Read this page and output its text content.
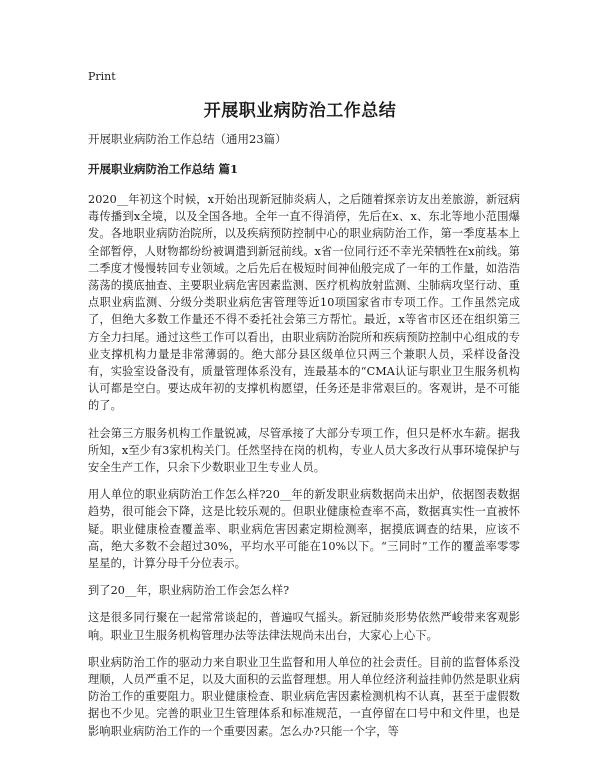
Print
开展职业病防治工作总结

开展职业病防治工作总结（通用23篇）

开展职业病防治工作总结 篇1

2020__年初这个时候，x开始出现新冠肺炎病人，之后随着探亲访友出差旅游，新冠病毒传播到x全境，以及全国各地。全年一直不得消停，先后在x、x、东北等地小范围爆发。各地职业病防治院所，以及疾病预防控制中心的职业病防治工作，第一季度基本上全部暂停，人财物都纷纷被调遣到新冠前线。x省一位同行还不幸光荣牺牲在x前线。第二季度才慢慢转回专业领域。之后先后在极短时间神仙般完成了一年的工作量，如浩浩荡荡的摸底抽查、主要职业病危害因素监测、医疗机构放射监测、尘肺病攻坚行动、重点职业病监测、分级分类职业病危害管理等近10项国家省市专项工作。工作虽然完成了，但绝大多数工作量还不得不委托社会第三方帮忙。最近，x等省市区还在组织第三方全力扫尾。通过这些工作可以看出，由职业病防治院所和疾病预防控制中心组成的专业支撑机构力量是非常薄弱的。绝大部分县区级单位只两三个兼职人员，采样设备没有，实验室设备没有，质量管理体系没有，连最基本的“CMA认证与职业卫生服务机构认可都是空白。要达成年初的支撑机构愿望，任务还是非常艰巨的。客观讲，是不可能的了。

社会第三方服务机构工作量锐减，尽管承接了大部分专项工作，但只是杯水车薪。据我所知，x至少有3家机构关门。任然坚持在岗的机构，专业人员大多改行从事环境保护与安全生产工作，只余下少数职业卫生专业人员。

用人单位的职业病防治工作怎么样?20__年的新发职业病数据尚未出炉，依据图表数据趋势，很可能会下降，这是比较乐观的。但职业健康检查率不高，数据真实性一直被怀疑。职业健康检查覆盖率、职业病危害因素定期检测率，据摸底调查的结果，应该不高，绝大多数不会超过30%，平均水平可能在10%以下。“三同时”工作的覆盖率零零星星的，计算分母千分位表示。

到了20__年，职业病防治工作会怎么样?

这是很多同行聚在一起常常谈起的，普遍叹气摇头。新冠肺炎形势依然严峻带来客观影响。职业卫生服务机构管理办法等法律法规尚未出台，大家心上心下。

职业病防治工作的驱动力来自职业卫生监督和用人单位的社会责任。目前的监督体系没理顺，人员严重不足，以及大面积的云监督理想。用人单位经济利益挂帅仍然是职业病防治工作的重要阻力。职业健康检查、职业病危害因素检测机构不认真，甚至于虚假数据也不少见。完善的职业卫生管理体系和标准规范，一直停留在口号中和文件里，也是影响职业病防治工作的一个重要因素。怎么办?只能一个字，等
